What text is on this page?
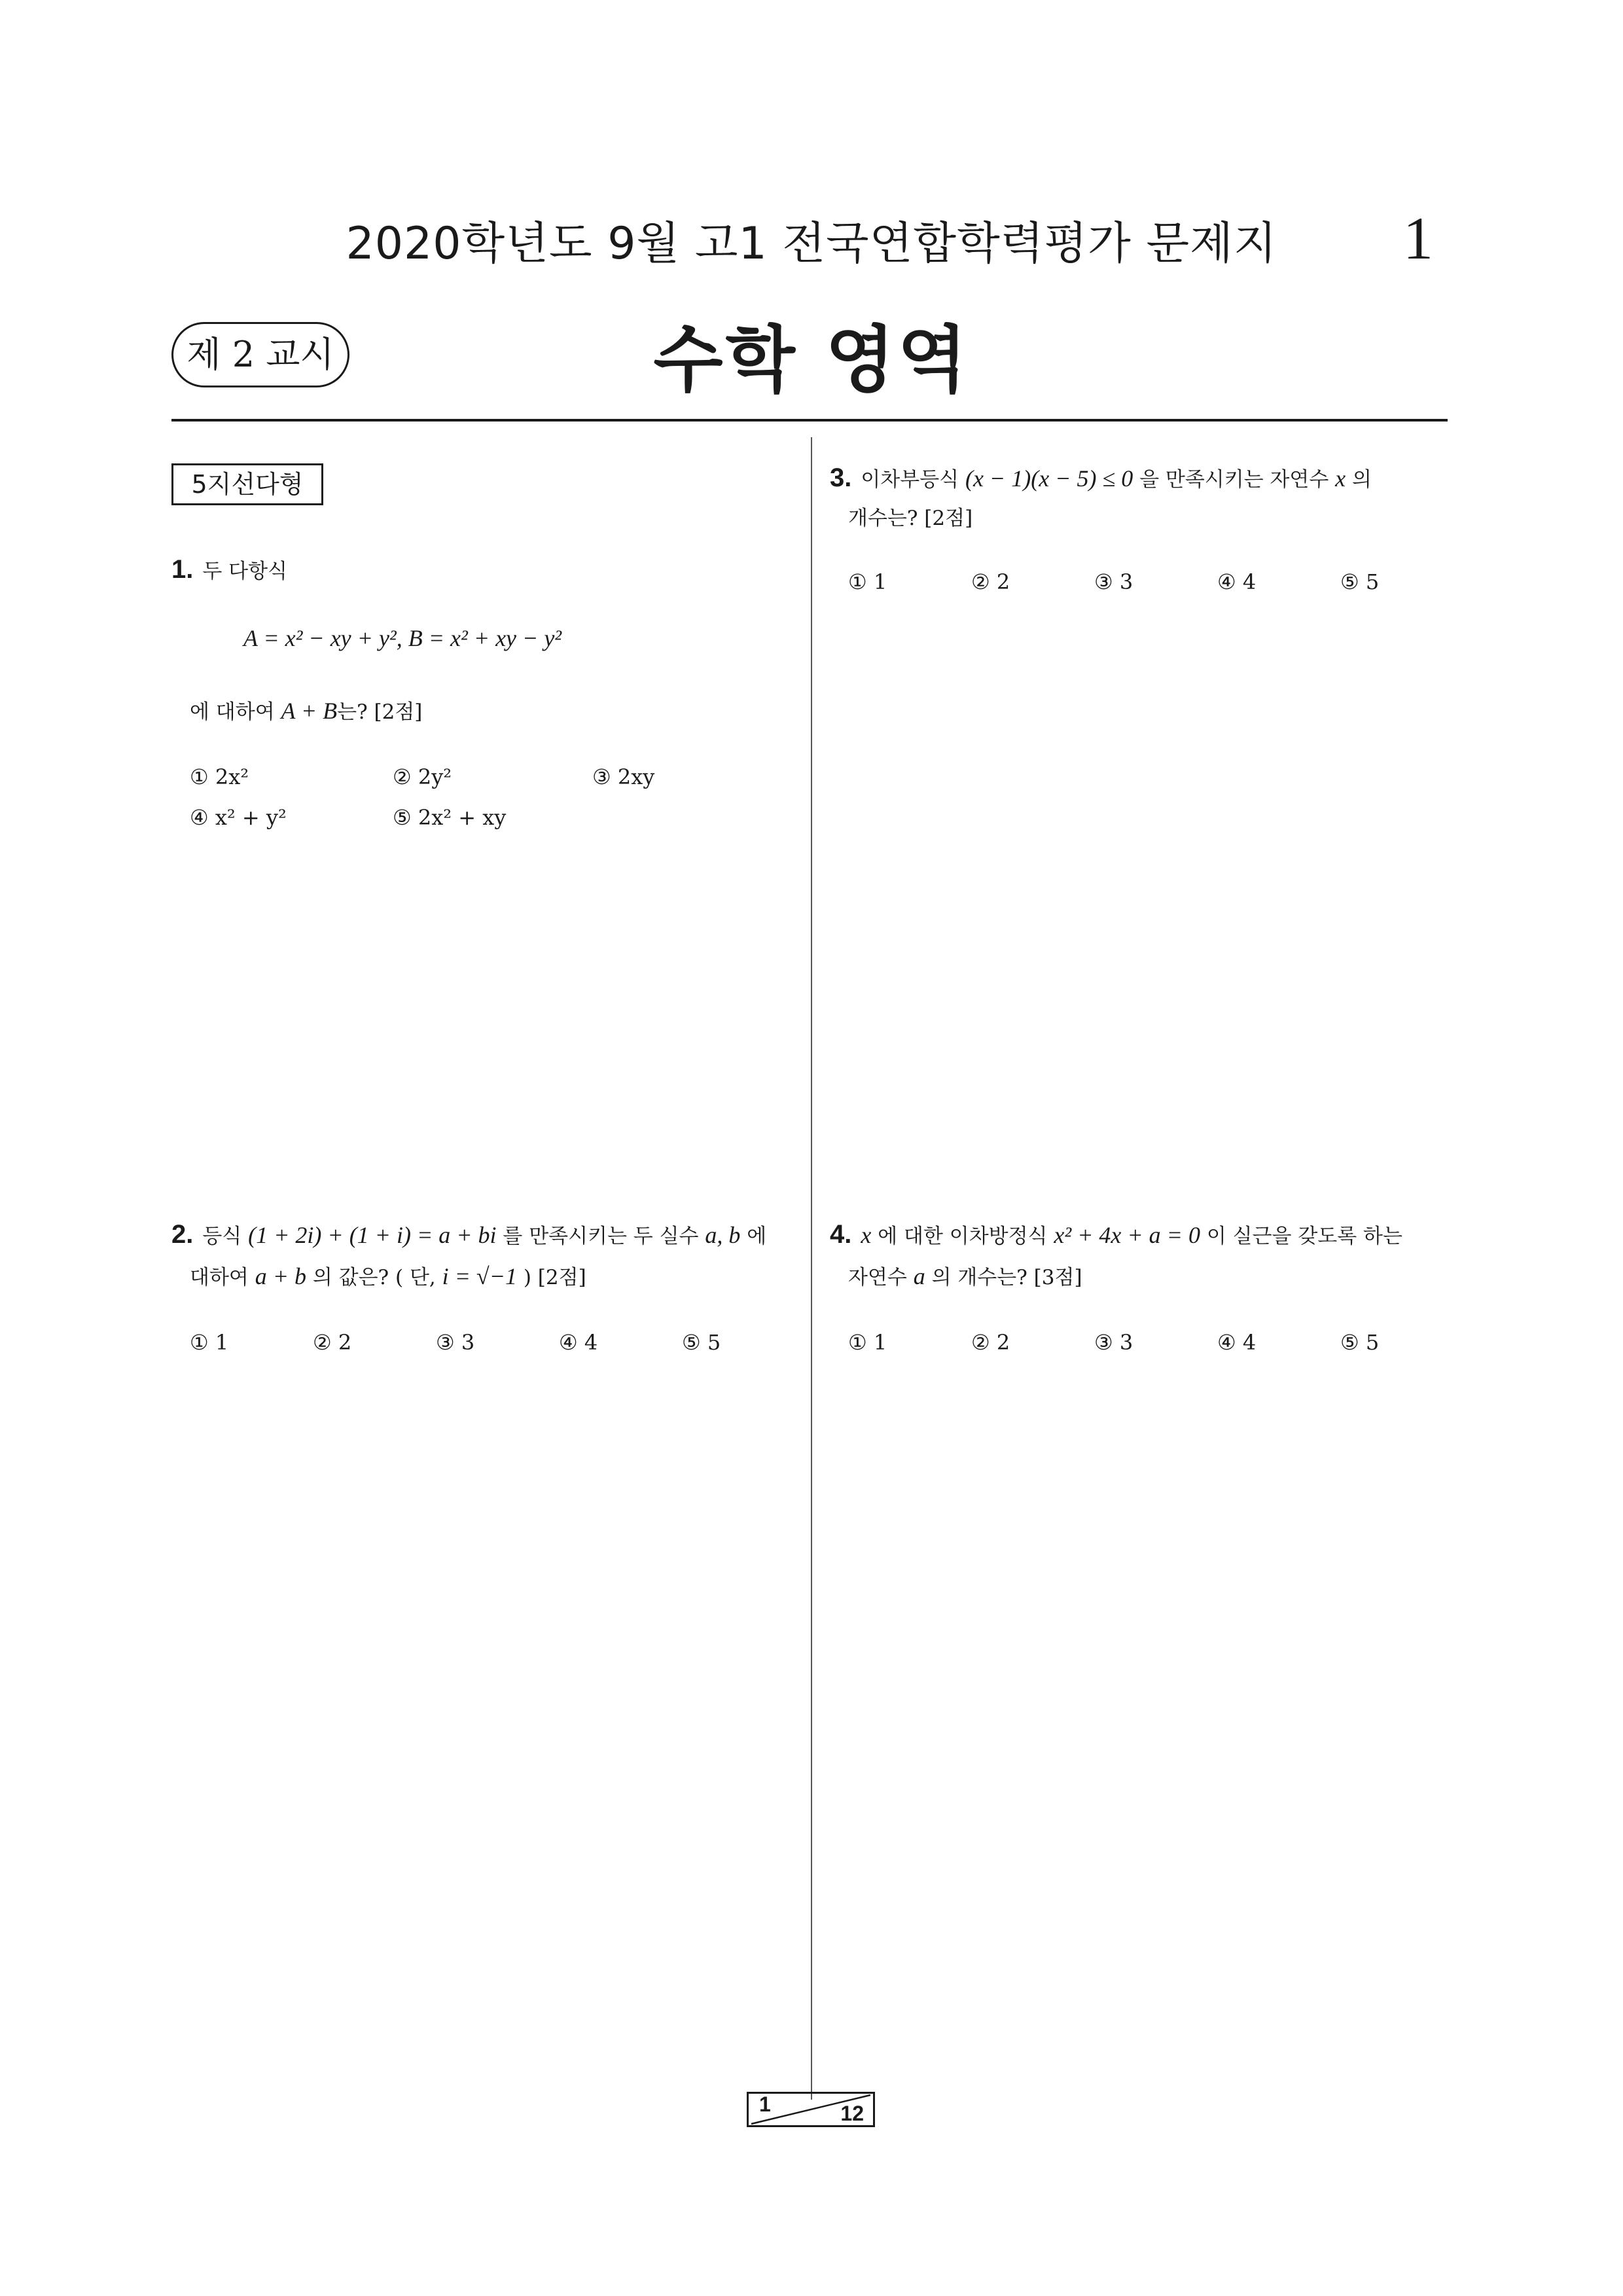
2020학년도 9월 고1 전국연합학력평가 문제지	1
제 2 교시	수학 영역
5지선다형
1. 두 다항식
A = x² − xy + y², B = x² + xy − y²
에 대하여 A + B는? [2점]
① 2x²	② 2y²	③ 2xy
④ x² + y²	⑤ 2x² + xy
2. 등식 (1 + 2i) + (1 + i) = a + bi 를 만족시키는 두 실수 a, b 에
대하여 a + b 의 값은? ( 단, i = √−1 ) [2점]
① 1	② 2	③ 3	④ 4	⑤ 5
3. 이차부등식 (x − 1)(x − 5) ≤ 0 을 만족시키는 자연수 x 의
개수는? [2점]
① 1	② 2	③ 3	④ 4	⑤ 5
4. x 에 대한 이차방정식 x² + 4x + a = 0 이 실근을 갖도록 하는
자연수 a 의 개수는? [3점]
① 1	② 2	③ 3	④ 4	⑤ 5
1	12
